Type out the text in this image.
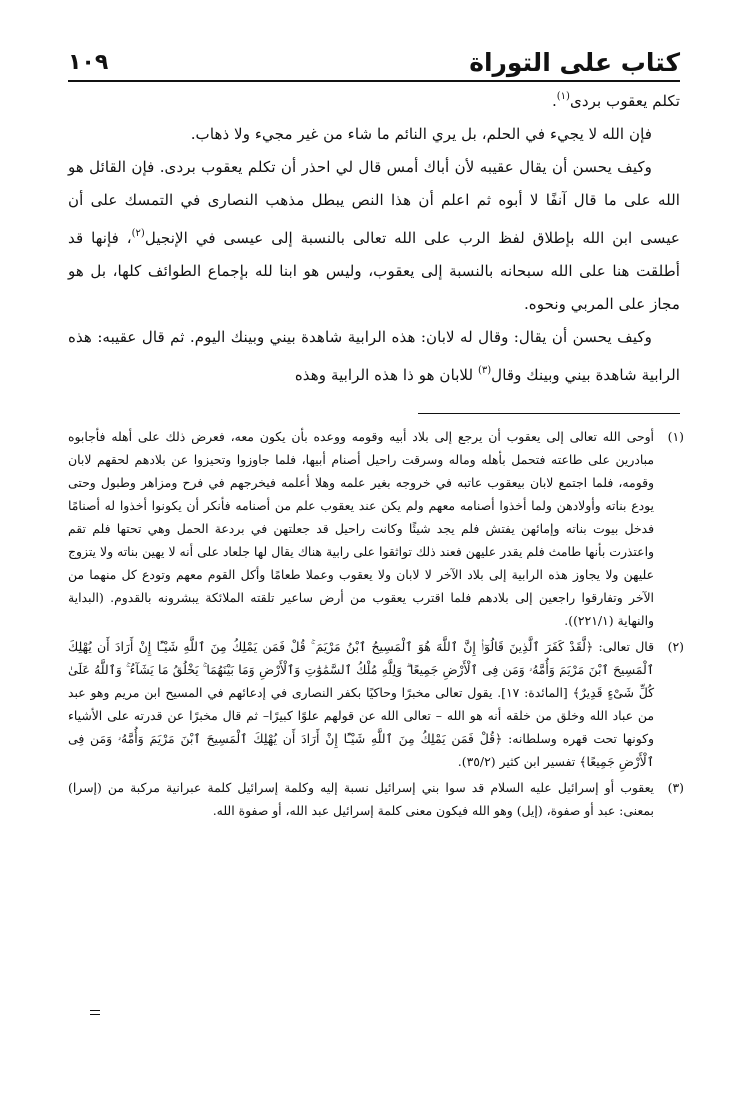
كتاب على التوراة
١٠٩

تكلم يعقوب بردى$^{(١)}$.

فإن الله لا يجيء في الحلم، بل يري النائم ما شاء من غير مجيء ولا ذهاب.

وكيف يحسن أن يقال عقيبه لأن أباك أمس قال لي احذر أن تكلم يعقوب بردى. فإن القائل هو الله على ما قال آنفًا لا أبوه ثم اعلم أن هذا النص يبطل مذهب النصارى في التمسك على أن عيسى ابن الله بإطلاق لفظ الرب على الله تعالى بالنسبة إلى عيسى في الإنجيل$^{(٢)}$، فإنها قد أطلقت هنا على الله سبحانه بالنسبة إلى يعقوب، وليس هو ابنا لله بإجماع الطوائف كلها، بل هو مجاز على المربي ونحوه.

وكيف يحسن أن يقال: وقال له لابان: هذه الرابية شاهدة بيني وبينك اليوم. ثم قال عقيبه: هذه الرابية شاهدة بيني وبينك وقال$^{(٣)}$ للابان هو ذا هذه الرابية وهذه

(١)
أوحى الله تعالى إلى يعقوب أن يرجع إلى بلاد أبيه وقومه ووعده بأن يكون معه، فعرض ذلك على أهله فأجابوه مبادرين على طاعته فتحمل بأهله وماله وسرقت راحيل أصنام أبيها، فلما جاوزوا وتحيزوا عن بلادهم لحقهم لابان وقومه، فلما اجتمع لابان بيعقوب عاتبه في خروجه بغير علمه وهلا أعلمه فيخرجهم في فرح ومزاهر وطبول وحتى يودع بناته وأولادهن ولما أخذوا أصنامه معهم ولم يكن عند يعقوب علم من أصنامه فأنكر أن يكونوا أخذوا له أصنامًا فدخل بيوت بناته وإمائهن يفتش فلم يجد شيئًا وكانت راحيل قد جعلتهن في بردعة الحمل وهي تحتها فلم تقم واعتذرت بأنها طامث فلم يقدر عليهن فعند ذلك تواثقوا على رابية هناك يقال لها جلعاد على أنه لا يهين بناته ولا يتزوج عليهن ولا يجاوز هذه الرابية إلى بلاد الآخر لا لابان ولا يعقوب وعملا طعامًا وأكل القوم معهم وتودع كل منهما من الآخر وتفارقوا راجعين إلى بلادهم فلما اقترب يعقوب من أرض ساعير تلقته الملائكة يبشرونه بالقدوم. (البداية والنهاية (٢٢١/١)).
(٢)
قال تعالى: ﴿لَّقَدْ كَفَرَ ٱلَّذِينَ قَالُوٓا۟ إِنَّ ٱللَّهَ هُوَ ٱلْمَسِيحُ ٱبْنُ مَرْيَمَ ۚ قُلْ فَمَن يَمْلِكُ مِنَ ٱللَّهِ شَيْـًٔا إِنْ أَرَادَ أَن يُهْلِكَ ٱلْمَسِيحَ ٱبْنَ مَرْيَمَ وَأُمَّهُۥ وَمَن فِى ٱلْأَرْضِ جَمِيعًا ۗ وَلِلَّهِ مُلْكُ ٱلسَّمَٰوَٰتِ وَٱلْأَرْضِ وَمَا بَيْنَهُمَا ۚ يَخْلُقُ مَا يَشَآءُ ۚ وَٱللَّهُ عَلَىٰ كُلِّ شَىْءٍ قَدِيرٌ﴾ [المائدة: ١٧]. يقول تعالى مخبرًا وحاكيًا بكفر النصارى في إدعائهم في المسيح ابن مريم وهو عبد من عباد الله وخلق من خلقه أنه هو الله – تعالى الله عن قولهم علوًا كبيرًا– ثم قال مخبرًا عن قدرته على الأشياء وكونها تحت قهره وسلطانه: ﴿قُلْ فَمَن يَمْلِكُ مِنَ ٱللَّهِ شَيْـًٔا إِنْ أَرَادَ أَن يُهْلِكَ ٱلْمَسِيحَ ٱبْنَ مَرْيَمَ وَأُمَّهُۥ وَمَن فِى ٱلْأَرْضِ جَمِيعًا﴾ تفسير ابن كثير (٣٥/٢).
(٣)
يعقوب أو إسرائيل عليه السلام قد سوا بني إسرائيل نسبة إليه وكلمة إسرائيل كلمة عبرانية مركبة من (إسرا) بمعنى: عبد أو صفوة، (إيل) وهو الله فيكون معنى كلمة إسرائيل عبد الله، أو صفوة الله.
